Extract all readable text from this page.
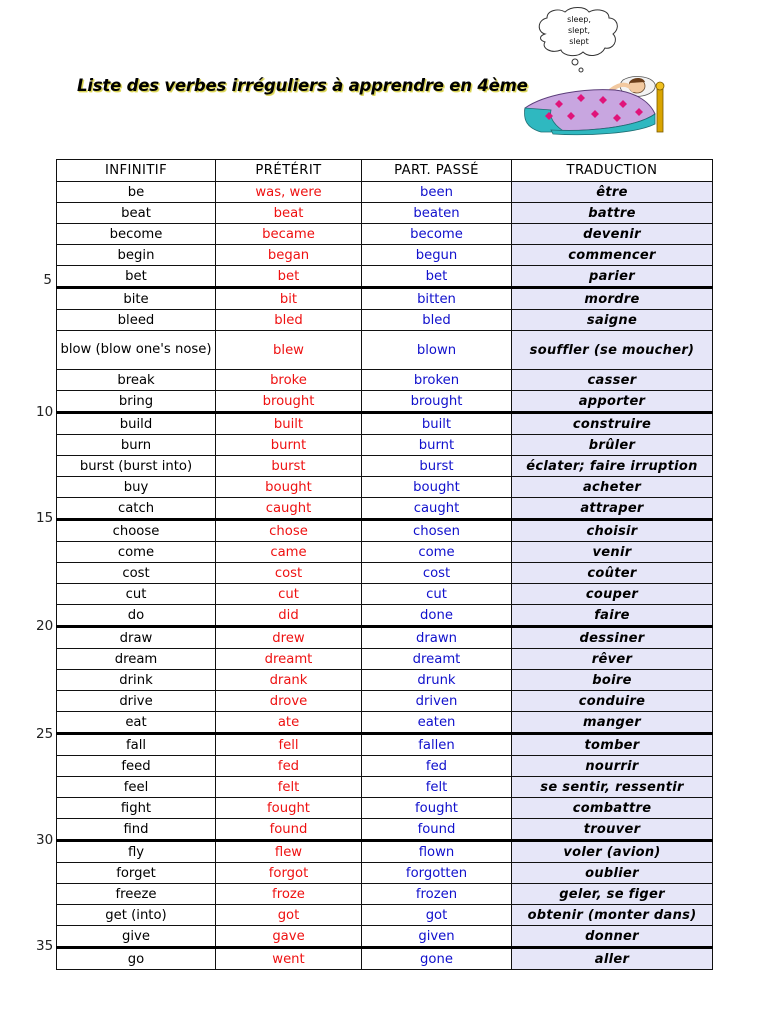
Liste des verbes irréguliers à apprendre en 4ème
sleep,
slept,
slept
INFINITIF	PRÉTÉRIT	PART. PASSÉ	TRADUCTION
be	was, were	been	être
beat	beat	beaten	battre
become	became	become	devenir
begin	began	begun	commencer
bet	bet	bet	parier
bite	bit	bitten	mordre
bleed	bled	bled	saigne
blow (blow one's nose)	blew	blown	souffler (se moucher)
break	broke	broken	casser
bring	brought	brought	apporter
build	built	built	construire
burn	burnt	burnt	brûler
burst (burst into)	burst	burst	éclater; faire irruption
buy	bought	bought	acheter
catch	caught	caught	attraper
choose	chose	chosen	choisir
come	came	come	venir
cost	cost	cost	coûter
cut	cut	cut	couper
do	did	done	faire
draw	drew	drawn	dessiner
dream	dreamt	dreamt	rêver
drink	drank	drunk	boire
drive	drove	driven	conduire
eat	ate	eaten	manger
fall	fell	fallen	tomber
feed	fed	fed	nourrir
feel	felt	felt	se sentir, ressentir
fight	fought	fought	combattre
find	found	found	trouver
fly	flew	flown	voler (avion)
forget	forgot	forgotten	oublier
freeze	froze	frozen	geler, se figer
get (into)	got	got	obtenir (monter dans)
give	gave	given	donner
go	went	gone	aller
5
10
15
20
25
30
35
